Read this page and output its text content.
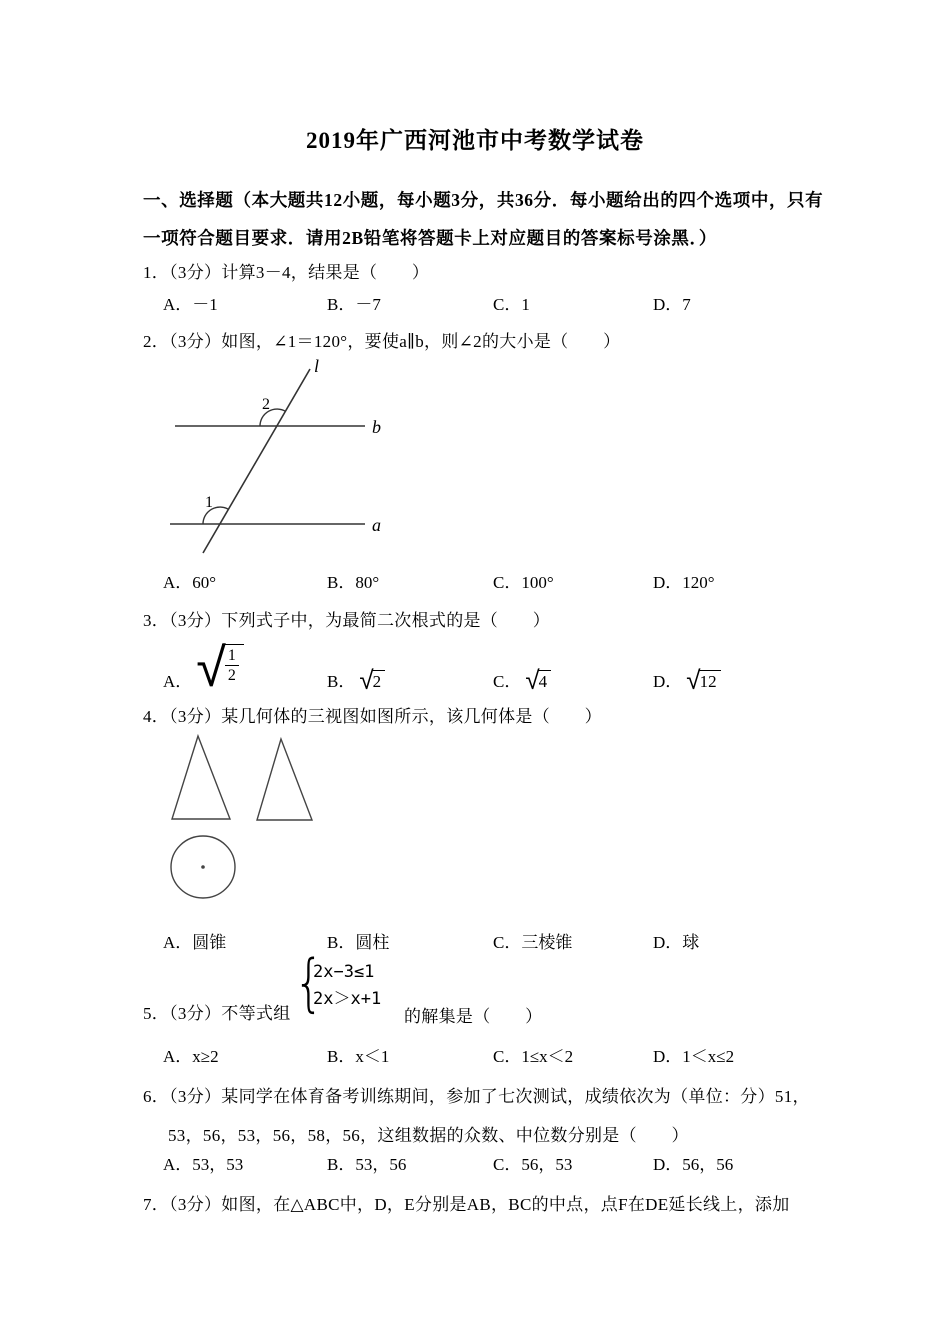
2019年广西河池市中考数学试卷
一、选择题（本大题共12小题，每小题3分，共36分．每小题给出的四个选项中，只有
一项符合题目要求．请用2B铅笔将答题卡上对应题目的答案标号涂黑．）
1．（3分）计算3－4，结果是（　　）
A．－1	B．－7	C．1	D．7
2．（3分）如图，∠1＝120°，要使a∥b，则∠2的大小是（　　）
l
b
a
2
1
A．60°	B．80°	C．100°	D．120°
3．（3分）下列式子中，为最简二次根式的是（　　）
A． √
$\frac{1}{2}$	B． √ 2	C． √ 4	D． √ 12
4．（3分）某几何体的三视图如图所示，该几何体是（　　）
A．圆锥	B．圆柱	C．三棱锥	D．球
5．（3分）不等式组 {
2x−3≤1
2x＞x+1
的解集是（　　）
A．x≥2	B．x＜1	C．1≤x＜2	D．1＜x≤2
6．（3分）某同学在体育备考训练期间，参加了七次测试，成绩依次为（单位：分）51，
53，56，53，56，58，56，这组数据的众数、中位数分别是（　　）
A．53，53	B．53，56	C．56，53	D．56，56
7．（3分）如图，在△ABC中，D，E分别是AB，BC的中点，点F在DE延长线上，添加
